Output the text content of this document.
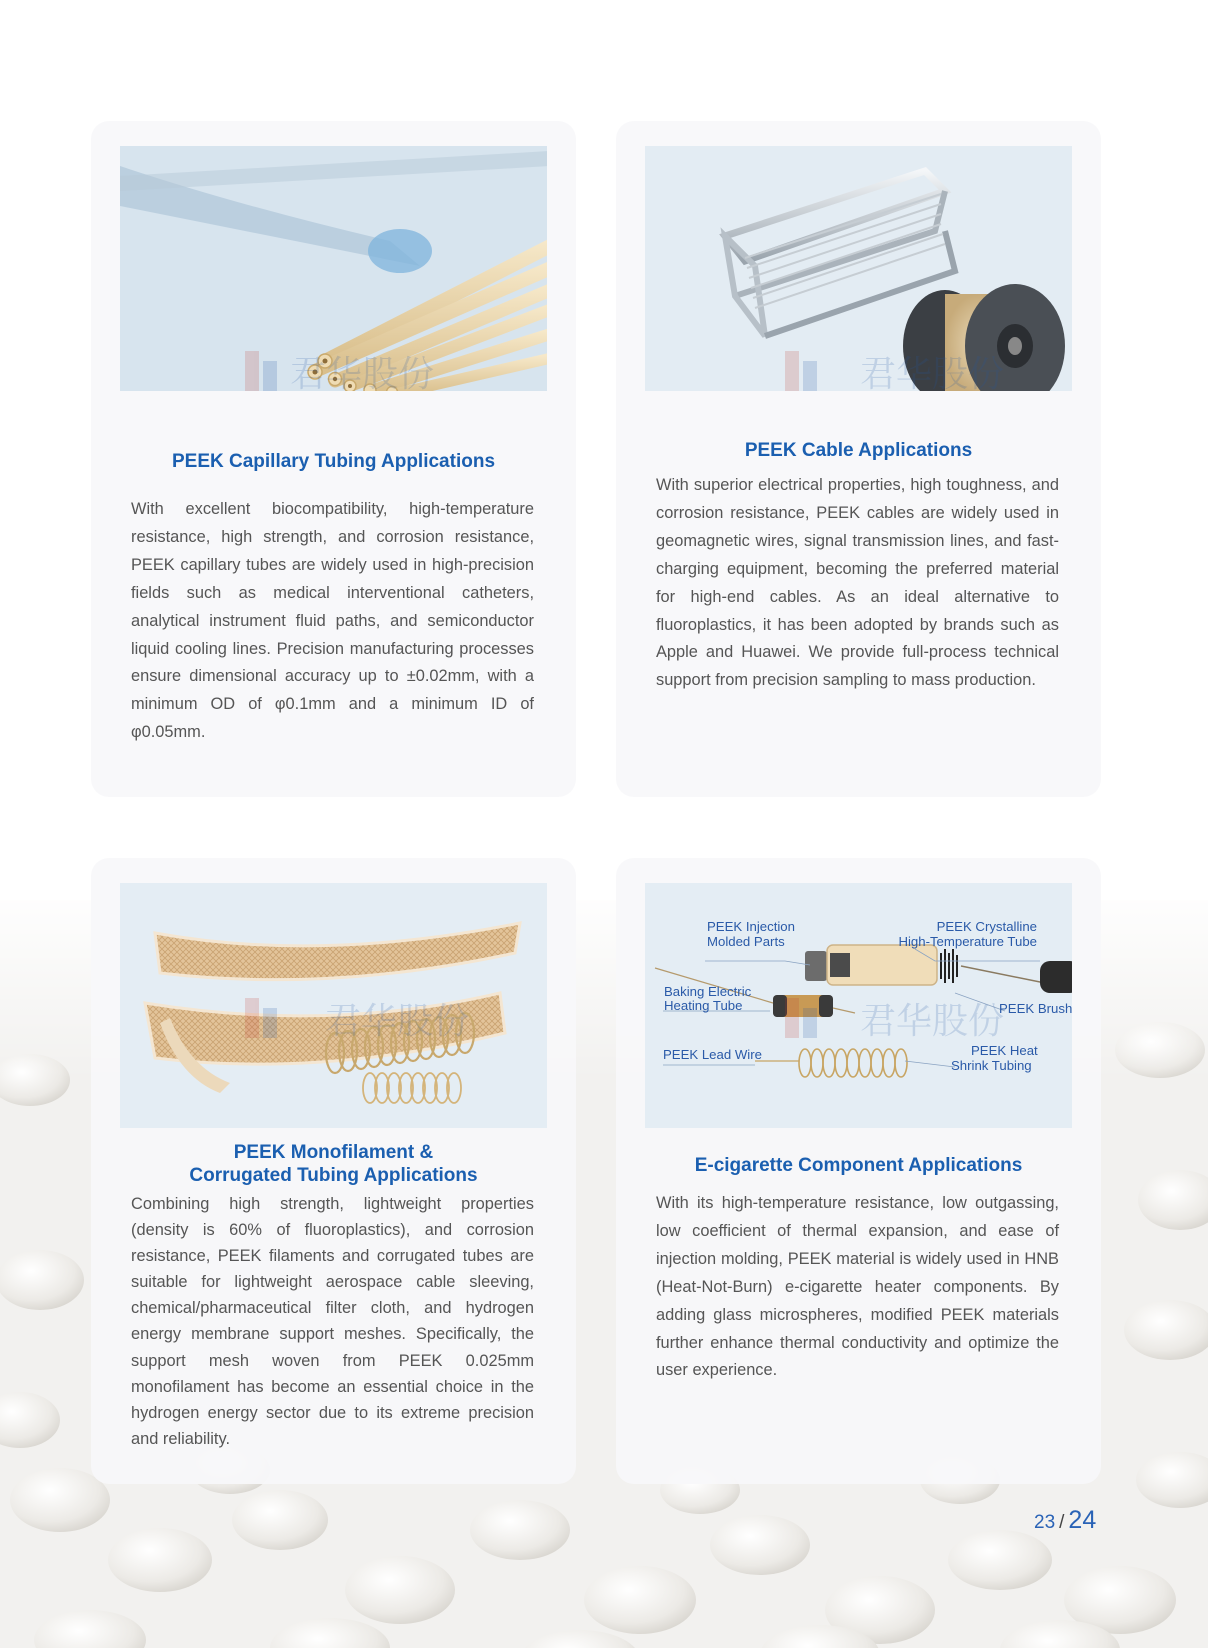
君华股份
PEEK Capillary Tubing Applications
With excellent biocompatibility, high-temperature resistance, high strength, and corrosion resistance, PEEK capillary tubes are widely used in high-precision fields such as medical interventional catheters, analytical instrument fluid paths, and semiconductor liquid cooling lines. Precision manufacturing processes ensure dimensional accuracy up to ±0.02mm, with a minimum OD of φ0.1mm and a minimum ID of φ0.05mm.
君华股份
PEEK Cable Applications
With superior electrical properties, high toughness, and corrosion resistance, PEEK cables are widely used in geomagnetic wires, signal transmission lines, and fast-charging equipment, becoming the preferred material for high-end cables. As an ideal alternative to fluoroplastics, it has been adopted by brands such as Apple and Huawei. We provide full-process technical support from precision sampling to mass production.
君华股份
PEEK Monofilament &
Corrugated Tubing Applications
Combining high strength, lightweight properties (density is 60% of fluoroplastics), and corrosion resistance, PEEK filaments and corrugated tubes are suitable for lightweight aerospace cable sleeving, chemical/pharmaceutical filter cloth, and hydrogen energy membrane support meshes. Specifically, the support mesh woven from PEEK 0.025mm monofilament has become an essential choice in the hydrogen energy sector due to its extreme precision and reliability.
PEEK Injection
Molded Parts
PEEK Crystalline
High-Temperature Tube
Baking Electric
Heating Tube	PEEK Brush
PEEK Lead Wire	PEEK Heat
Shrink Tubing
君华股份
E-cigarette Component Applications
With its high-temperature resistance, low outgassing, low coefficient of thermal expansion, and ease of injection molding, PEEK material is widely used in HNB (Heat-Not-Burn) e-cigarette heater components. By adding glass microspheres, modified PEEK materials further enhance thermal conductivity and optimize the user experience.
23 / 24
